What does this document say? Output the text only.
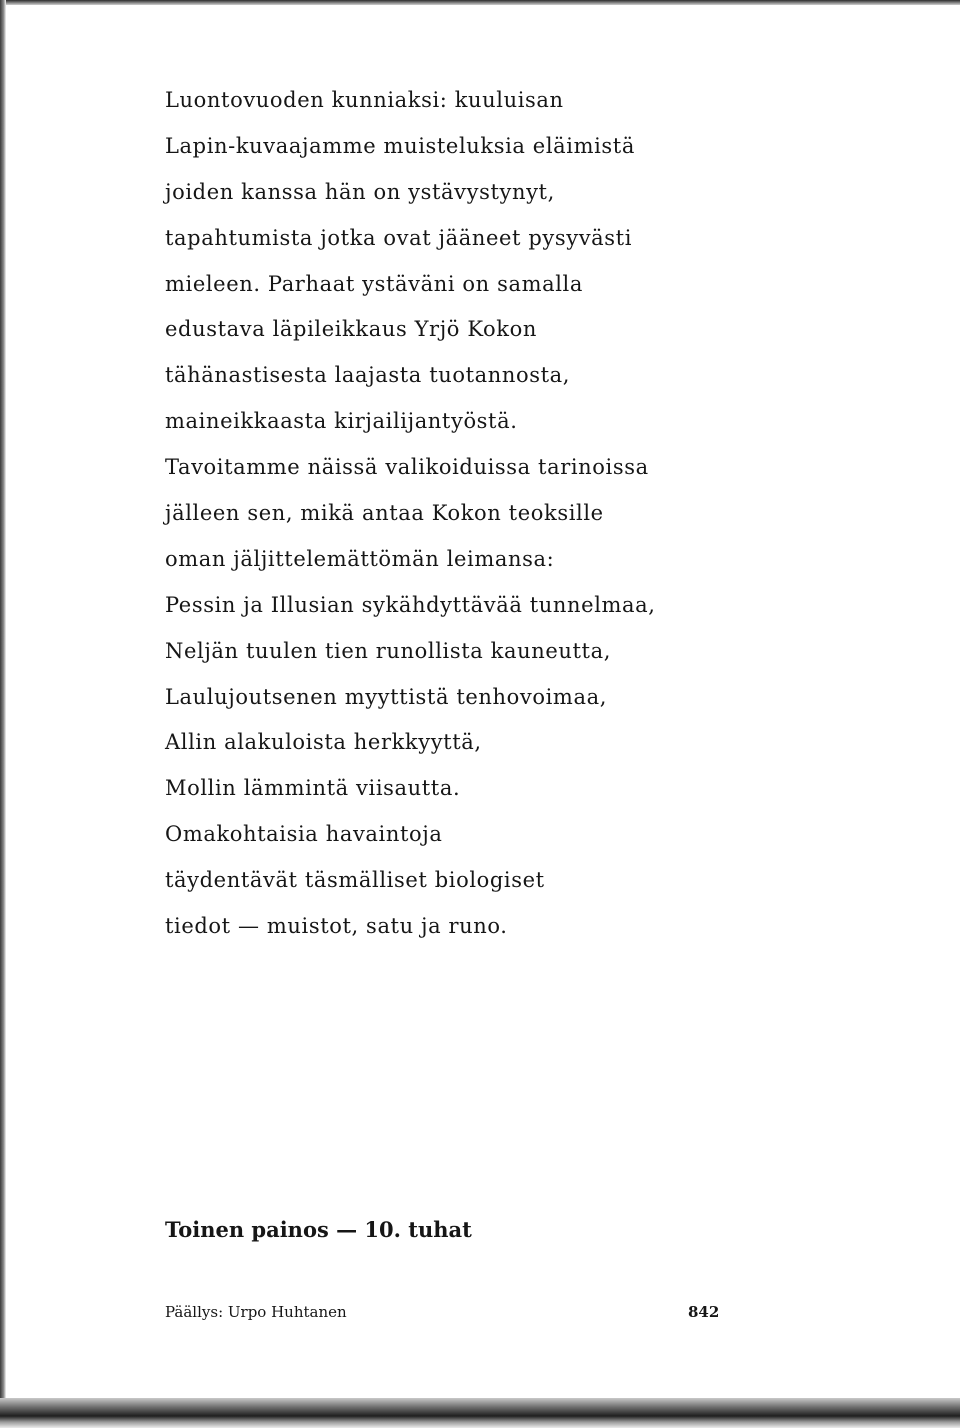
Luontovuoden kunniaksi: kuuluisan
Lapin-kuvaajamme muisteluksia eläimistä
joiden kanssa hän on ystävystynyt,
tapahtumista jotka ovat jääneet pysyvästi
mieleen. Parhaat ystäväni on samalla
edustava läpileikkaus Yrjö Kokon
tähänastisesta laajasta tuotannosta,
maineikkaasta kirjailijantyöstä.
Tavoitamme näissä valikoiduissa tarinoissa
jälleen sen, mikä antaa Kokon teoksille
oman jäljittelemättömän leimansa:
Pessin ja Illusian sykähdyttävää tunnelmaa,
Neljän tuulen tien runollista kauneutta,
Laulujoutsenen myyttistä tenhovoimaa,
Allin alakuloista herkkyyttä,
Mollin lämmintä viisautta.
Omakohtaisia havaintoja
täydentävät täsmälliset biologiset
tiedot — muistot, satu ja runo.
Toinen painos — 10. tuhat
Päällys: Urpo Huhtanen	842
